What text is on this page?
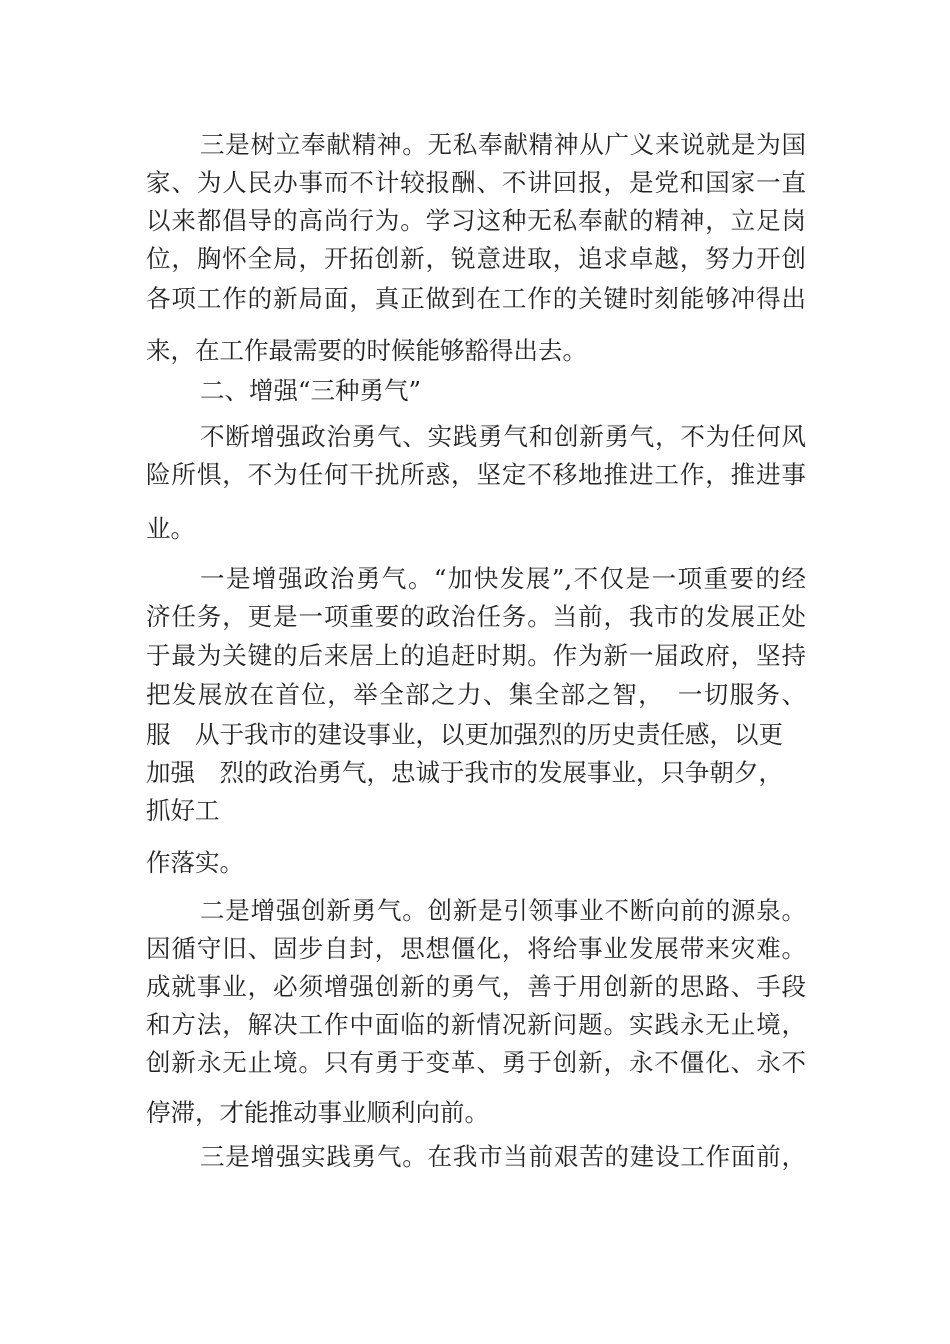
三是树立奉献精神。无私奉献精神从广义来说就是为国
家、为人民办事而不计较报酬、不讲回报，是党和国家一直
以来都倡导的高尚行为。学习这种无私奉献的精神，立足岗
位，胸怀全局，开拓创新，锐意进取，追求卓越，努力开创
各项工作的新局面，真正做到在工作的关键时刻能够冲得出
来，在工作最需要的时候能够豁得出去。
二、增强“三种勇气”
不断增强政治勇气、实践勇气和创新勇气，不为任何风
险所惧，不为任何干扰所惑，坚定不移地推进工作，推进事
业。
一是增强政治勇气。“加快发展”,不仅是一项重要的经
济任务，更是一项重要的政治任务。当前，我市的发展正处
于最为关键的后来居上的追赶时期。作为新一届政府，坚持
把发展放在首位，举全部之力、集全部之智，　一切服务、
服　从于我市的建设事业，以更加强烈的历史责任感，以更
加强　烈的政治勇气，忠诚于我市的发展事业，只争朝夕，
抓好工
作落实。
二是增强创新勇气。创新是引领事业不断向前的源泉。
因循守旧、固步自封，思想僵化，将给事业发展带来灾难。
成就事业，必须增强创新的勇气，善于用创新的思路、手段
和方法，解决工作中面临的新情况新问题。实践永无止境，
创新永无止境。只有勇于变革、勇于创新，永不僵化、永不
停滞，才能推动事业顺利向前。
三是增强实践勇气。在我市当前艰苦的建设工作面前，
